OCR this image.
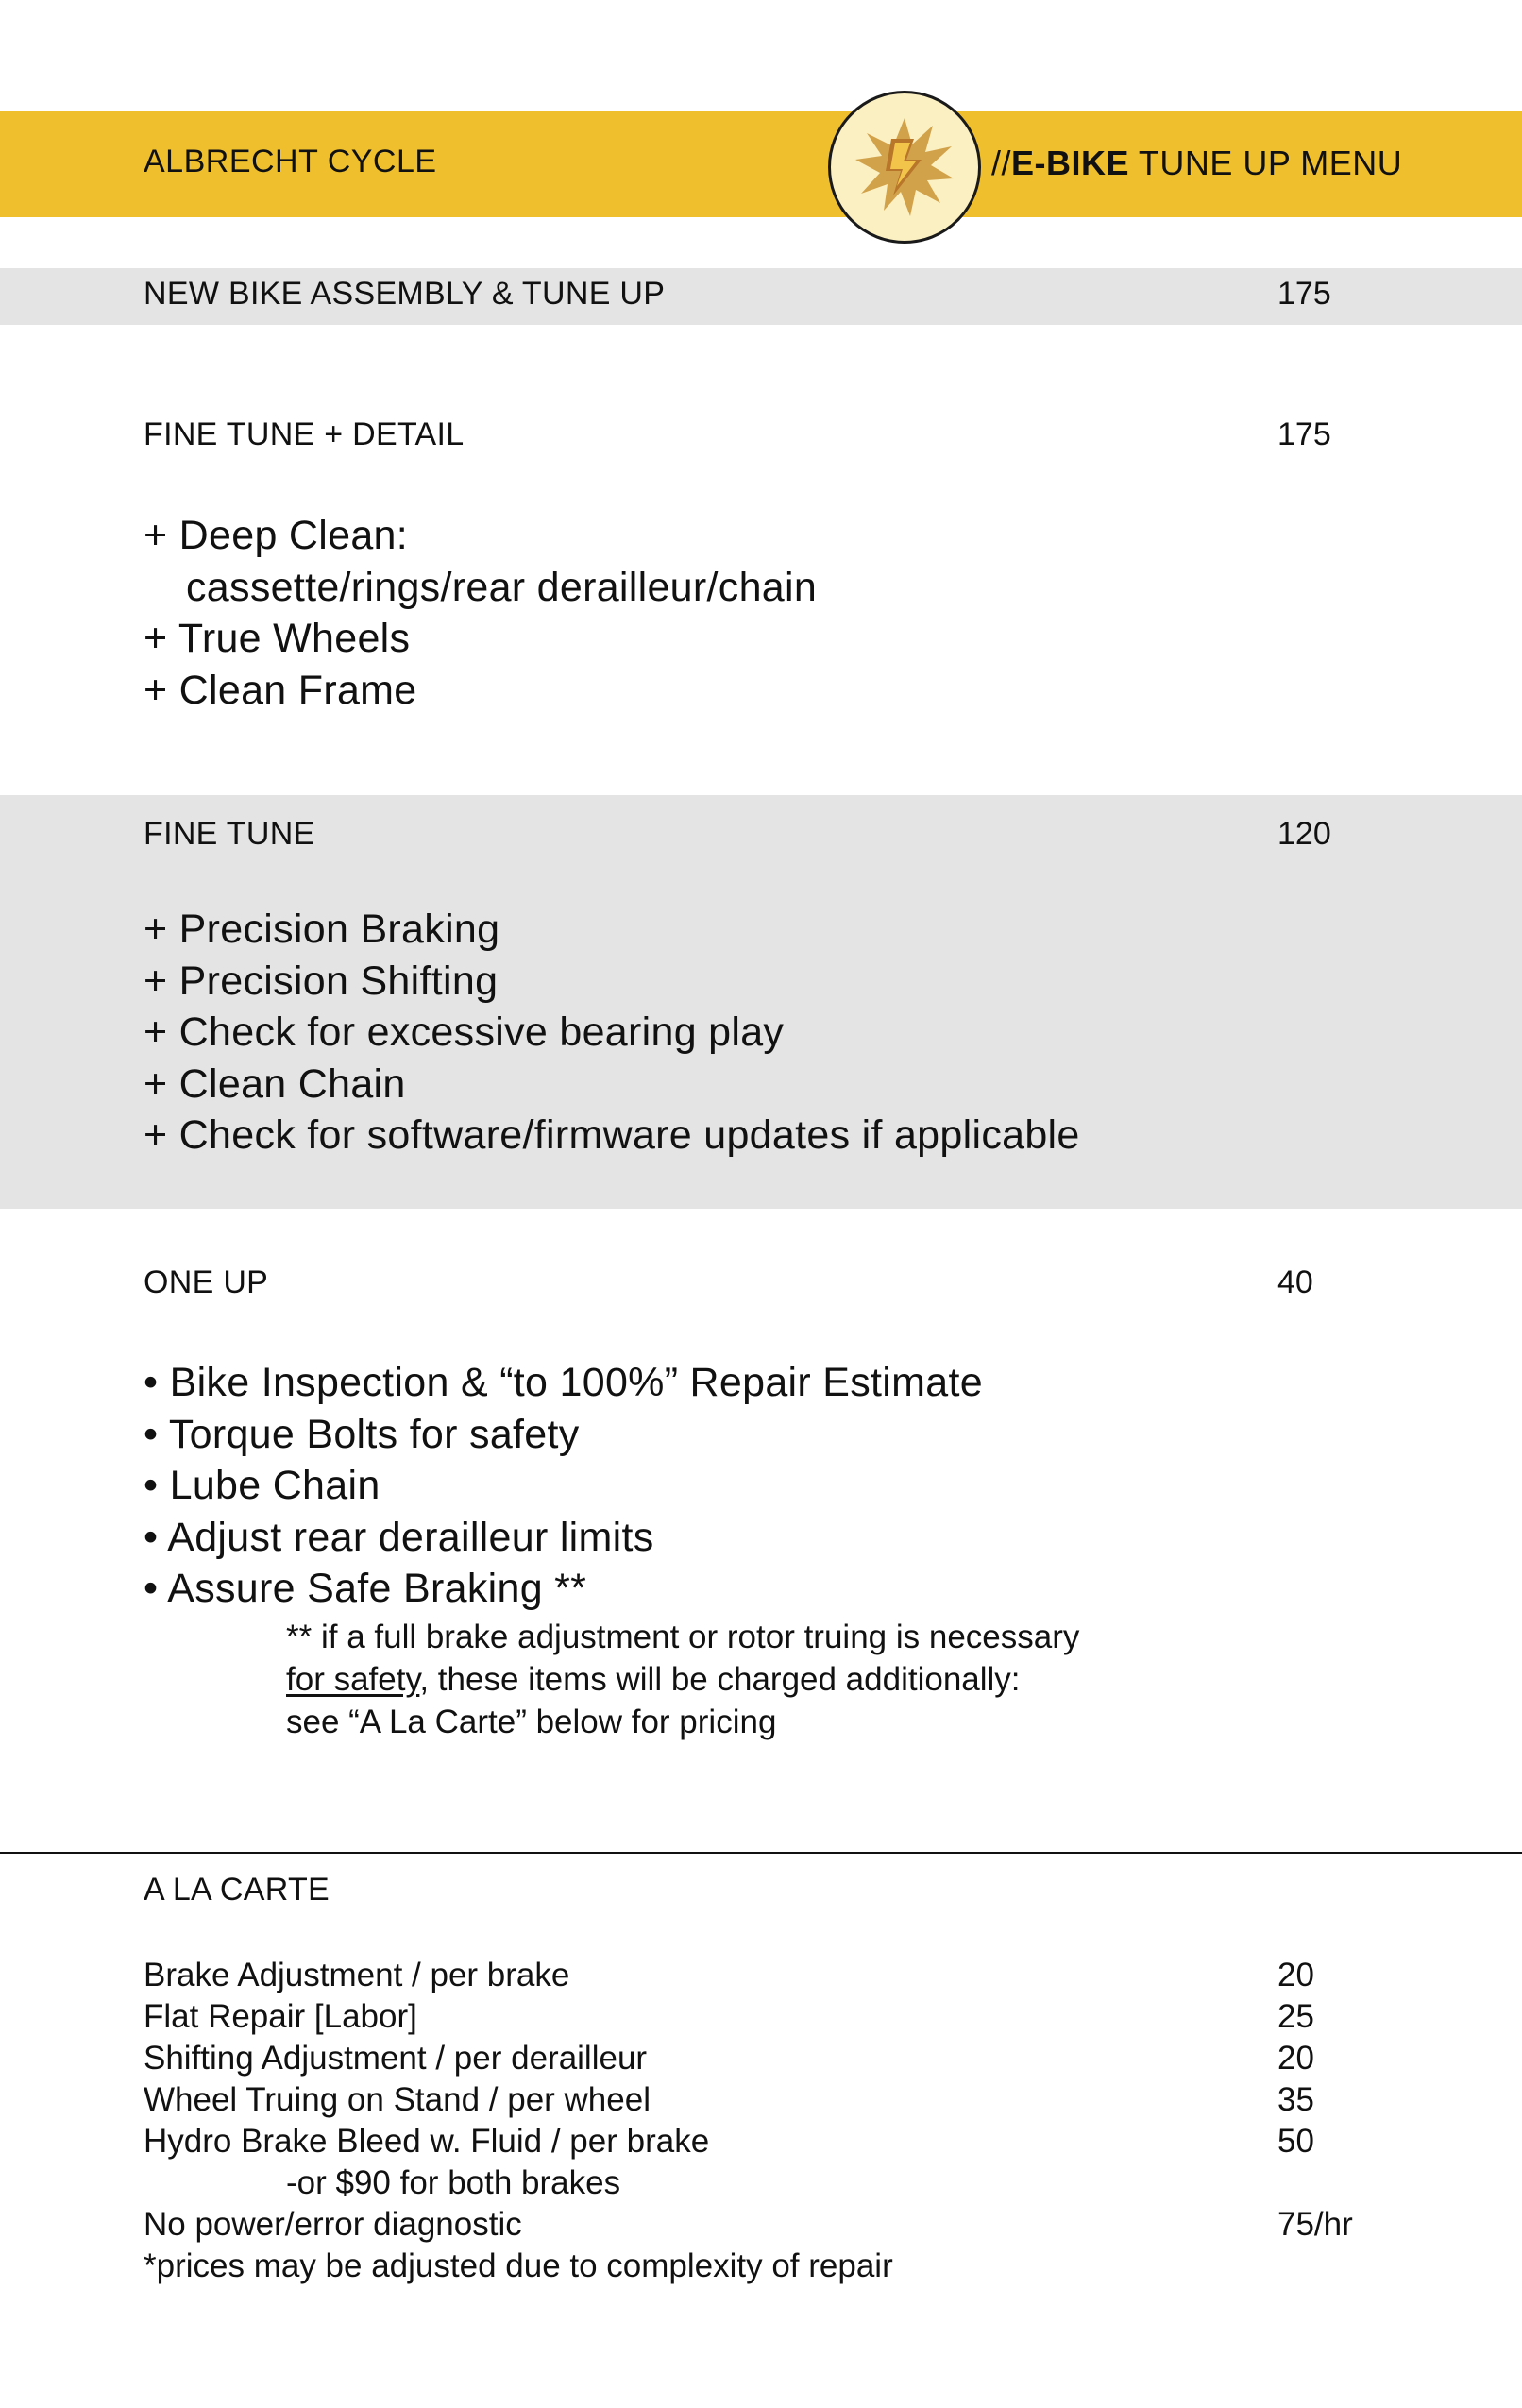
ALBRECHT CYCLE	//E-BIKE TUNE UP MENU
NEW BIKE ASSEMBLY & TUNE UP	175
FINE TUNE + DETAIL	175
+ Deep Clean:
cassette/rings/rear derailleur/chain
+ True Wheels
+ Clean Frame
FINE TUNE	120
+ Precision Braking
+ Precision Shifting
+ Check for excessive bearing play
+ Clean Chain
+ Check for software/firmware updates if applicable
ONE UP	40
• Bike Inspection & “to 100%” Repair Estimate
• Torque Bolts for safety
• Lube Chain
• Adjust rear derailleur limits
• Assure Safe Braking **
** if a full brake adjustment or rotor truing is necessary
for safety, these items will be charged additionally:
see “A La Carte” below for pricing
A LA CARTE
Brake Adjustment / per brake	20
Flat Repair [Labor]	25
Shifting Adjustment / per derailleur	20
Wheel Truing on Stand / per wheel	35
Hydro Brake Bleed w. Fluid / per brake	50
-or $90 for both brakes
No power/error diagnostic	75/hr
*prices may be adjusted due to complexity of repair
